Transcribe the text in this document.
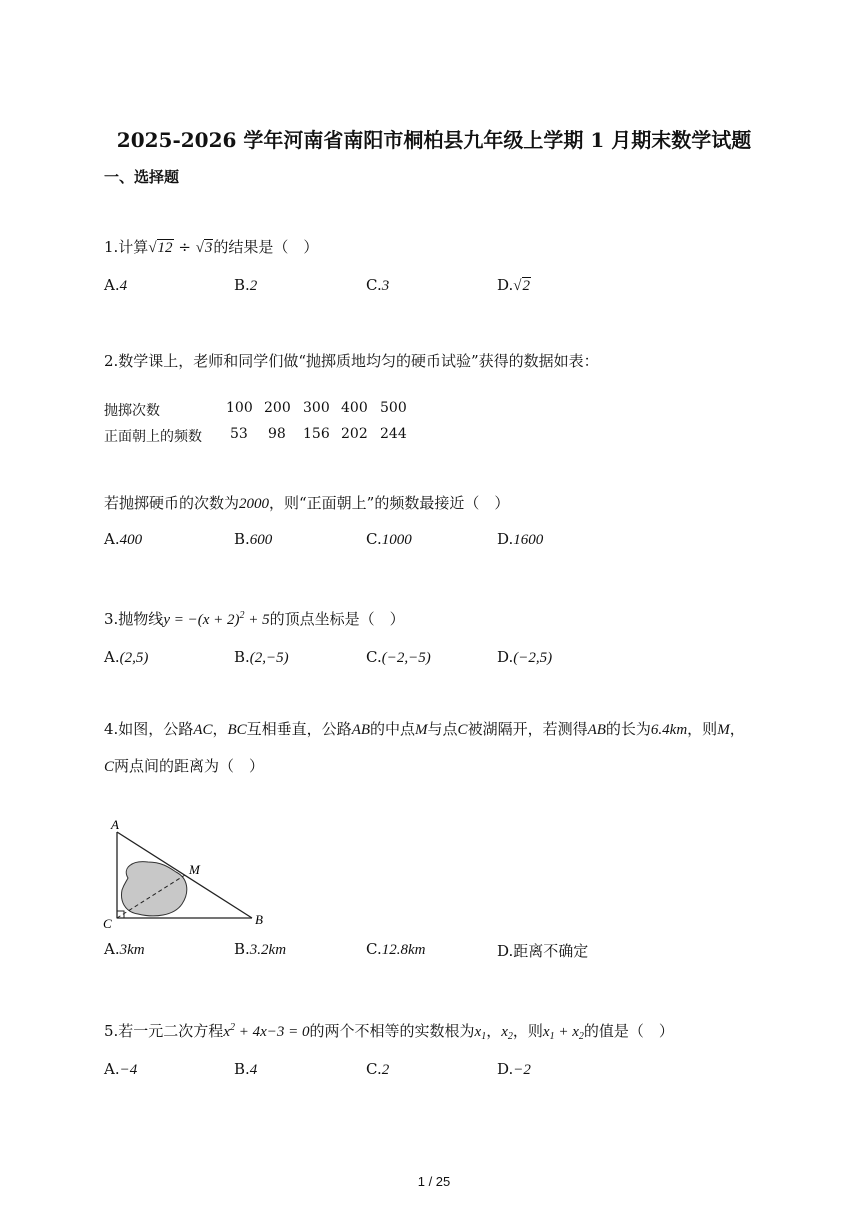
2025-2026 学年河南省南阳市桐柏县九年级上学期 1 月期末数学试题
一、选择题
1.计算√12 ÷ √3的结果是（　）
A.4	B.2	C.3	D.√2
2.数学课上，老师和同学们做“抛掷质地均匀的硬币试验”获得的数据如表：
抛掷次数	100 200 300 400 500
正面朝上的频数 53 98 156 202 244
若抛掷硬币的次数为2000，则“正面朝上”的频数最接近（　）
A.400	B.600	C.1000	D.1600
3.抛物线$y = -(x + 2)^2 + 5$的顶点坐标是（　）
A.(2,5)	B.(2,−5)	C.(−2,−5)	D.(−2,5)
4.如图，公路AC，BC互相垂直，公路AB的中点M与点C被湖隔开，若测得AB的长为6.4km，则M，
C两点间的距离为（　）
A
M
C	B
A.3km	B.3.2km	C.12.8km	D.距离不确定
5.若一元二次方程$x^2 + 4x-3 = 0$的两个不相等的实数根为$x_1$，$x_2$，则$x_1 + x_2$的值是（　）
A.−4	B.4	C.2	D.−2
1 / 25
